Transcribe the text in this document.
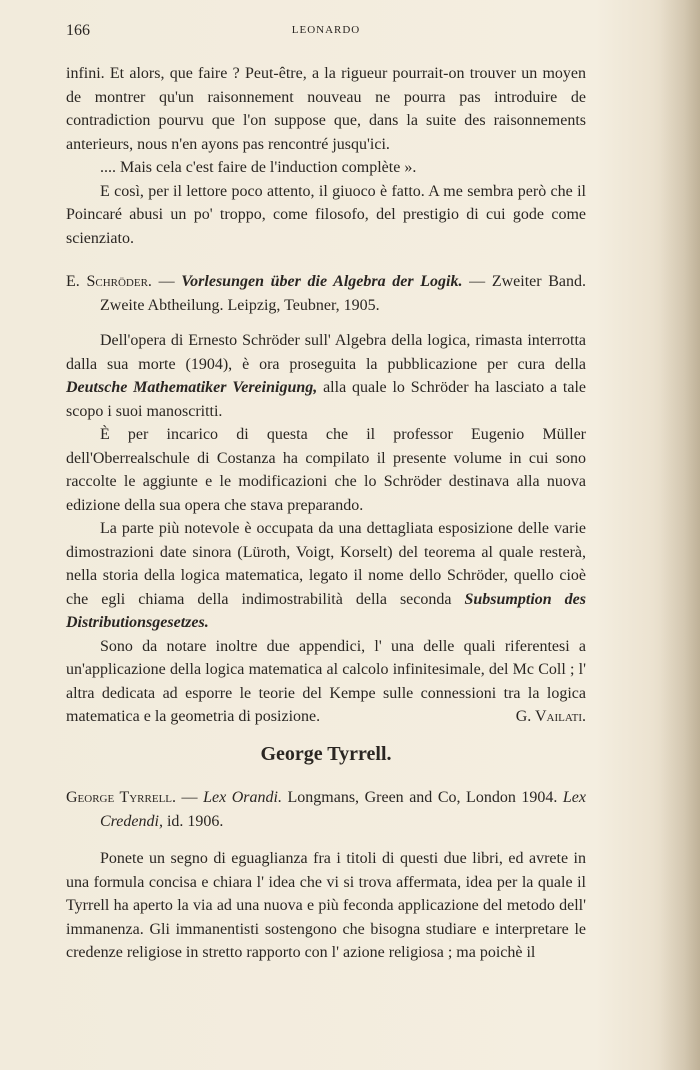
166	LEONARDO

infini. Et alors, que faire ? Peut-être, a la rigueur pourrait-on trouver un moyen de montrer qu'un raisonnement nouveau ne pourra pas introduire de contradiction pourvu que l'on suppose que, dans la suite des raisonnements anterieurs, nous n'en ayons pas rencontré jusqu'ici.

.... Mais cela c'est faire de l'induction complète ».

E così, per il lettore poco attento, il giuoco è fatto. A me sembra però che il Poincaré abusi un po' troppo, come filosofo, del prestigio di cui gode come scienziato.

E. Schröder. — Vorlesungen über die Algebra der Logik. — Zweiter Band. Zweite Abtheilung. Leipzig, Teubner, 1905.

Dell'opera di Ernesto Schröder sull' Algebra della logica, rimasta interrotta dalla sua morte (1904), è ora proseguita la pubblicazione per cura della Deutsche Mathematiker Vereinigung, alla quale lo Schröder ha lasciato a tale scopo i suoi manoscritti.

È per incarico di questa che il professor Eugenio Müller dell'Oberrealschule di Costanza ha compilato il presente volume in cui sono raccolte le aggiunte e le modificazioni che lo Schröder destinava alla nuova edizione della sua opera che stava preparando.

La parte più notevole è occupata da una dettagliata esposizione delle varie dimostrazioni date sinora (Lüroth, Voigt, Korselt) del teorema al quale resterà, nella storia della logica matematica, legato il nome dello Schröder, quello cioè che egli chiama della indimostrabilità della seconda Subsumption des Distributionsgesetzes.

Sono da notare inoltre due appendici, l' una delle quali riferentesi a un'applicazione della logica matematica al calcolo infinitesimale, del Mc Coll ; l' altra dedicata ad esporre le teorie del Kempe sulle connessioni tra la logica matematica e la geometria di posizione.	G. Vailati.

George Tyrrell.

George Tyrrell. — Lex Orandi. Longmans, Green and Co, London 1904. Lex Credendi, id. 1906.

Ponete un segno di eguaglianza fra i titoli di questi due libri, ed avrete in una formula concisa e chiara l' idea che vi si trova affermata, idea per la quale il Tyrrell ha aperto la via ad una nuova e più feconda applicazione del metodo dell' immanenza. Gli immanentisti sostengono che bisogna studiare e interpretare le credenze religiose in stretto rapporto con l' azione religiosa ; ma poichè il
